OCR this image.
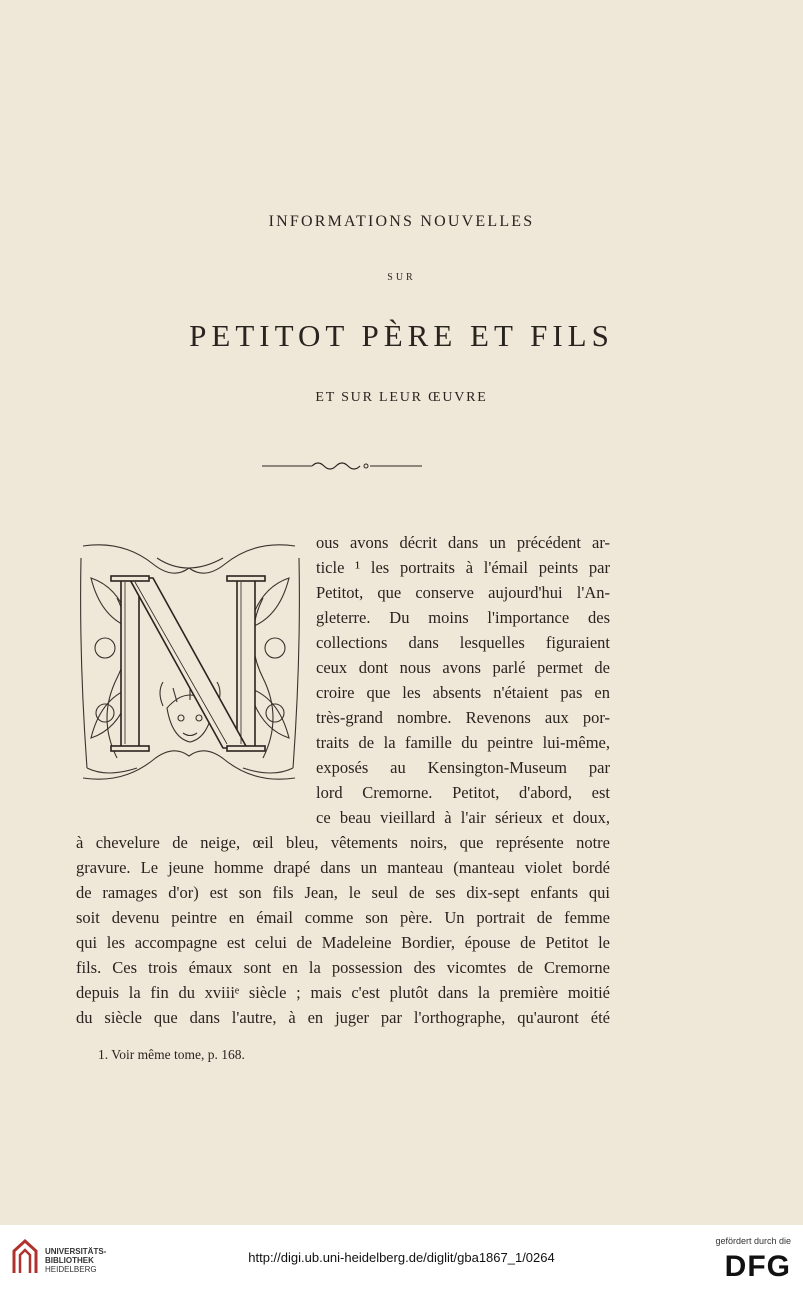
INFORMATIONS NOUVELLES
SUR
PETITOT PÈRE ET FILS
ET SUR LEUR ŒUVRE
ous avons décrit dans un précédent ar-
ticle ¹ les portraits à l'émail peints par
Petitot, que conserve aujourd'hui l'An-
gleterre. Du moins l'importance des
collections dans lesquelles figuraient
ceux dont nous avons parlé permet de
croire que les absents n'étaient pas en
très-grand nombre. Revenons aux por-
traits de la famille du peintre lui-même,
exposés au Kensington-Museum par
lord Cremorne. Petitot, d'abord, est
ce beau vieillard à l'air sérieux et doux,
à chevelure de neige, œil bleu, vêtements noirs, que représente notre
gravure. Le jeune homme drapé dans un manteau (manteau violet bordé
de ramages d'or) est son fils Jean, le seul de ses dix-sept enfants qui
soit devenu peintre en émail comme son père. Un portrait de femme
qui les accompagne est celui de Madeleine Bordier, épouse de Petitot le
fils. Ces trois émaux sont en la possession des vicomtes de Cremorne
depuis la fin du xviiiᵉ siècle ; mais c'est plutôt dans la première moitié
du siècle que dans l'autre, à en juger par l'orthographe, qu'auront été
1. Voir même tome, p. 168.
UNIVERSITÄTS-
BIBLIOTHEK
HEIDELBERG
http://digi.ub.uni-heidelberg.de/diglit/gba1867_1/0264
gefördert durch die
DFG
